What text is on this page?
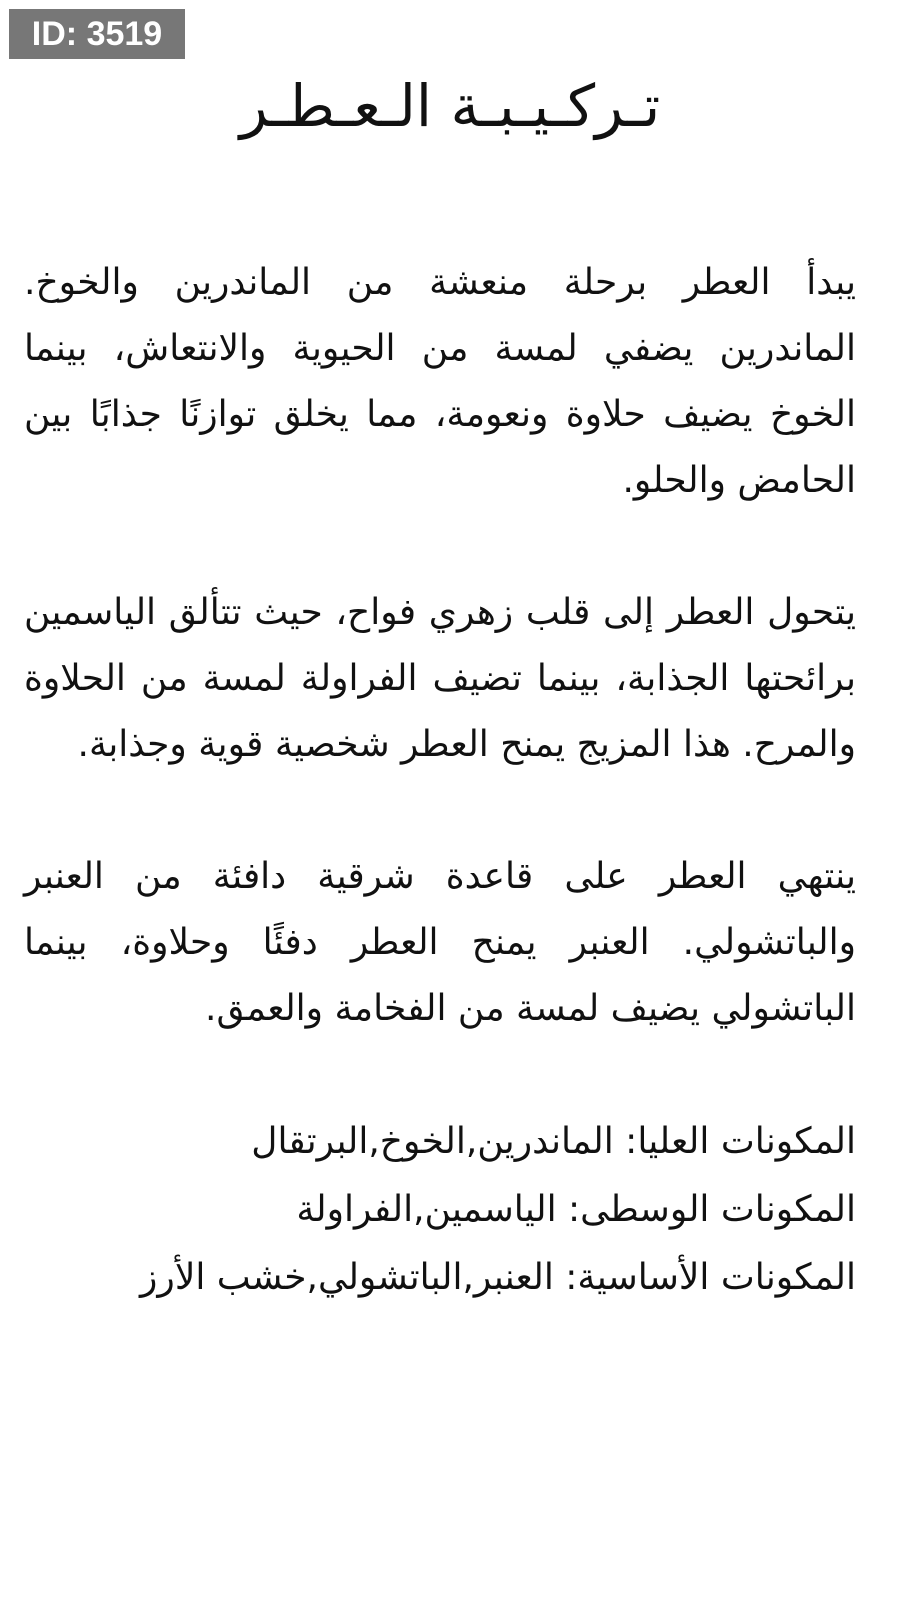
ID: 3519
تـركـيـبـة الـعـطـر

يبدأ العطر برحلة منعشة من الماندرين والخوخ. الماندرين يضفي لمسة من الحيوية والانتعاش، بينما الخوخ يضيف حلاوة ونعومة، مما يخلق توازنًا جذابًا بين الحامض والحلو.

يتحول العطر إلى قلب زهري فواح، حيث تتألق الياسمين برائحتها الجذابة، بينما تضيف الفراولة لمسة من الحلاوة والمرح. هذا المزيج يمنح العطر شخصية قوية وجذابة.

ينتهي العطر على قاعدة شرقية دافئة من العنبر والباتشولي. العنبر يمنح العطر دفئًا وحلاوة، بينما الباتشولي يضيف لمسة من الفخامة والعمق.

المكونات العليا: الماندرين,الخوخ,البرتقال
المكونات الوسطى: الياسمين,الفراولة
المكونات الأساسية: العنبر,الباتشولي,خشب الأرز
